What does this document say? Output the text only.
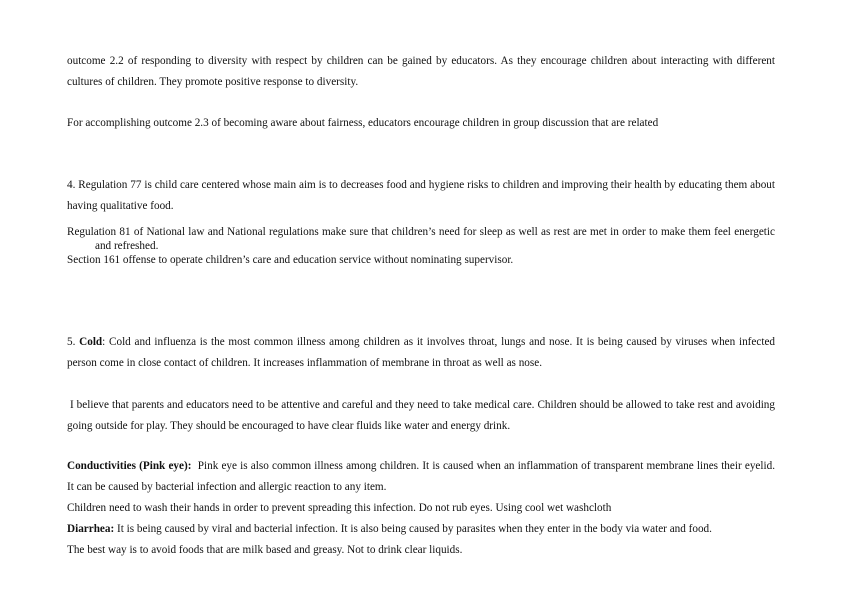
outcome 2.2 of responding to diversity with respect by children can be gained by educators. As they encourage children about interacting with different cultures of children. They promote positive response to diversity.

For accomplishing outcome 2.3 of becoming aware about fairness, educators encourage children in group discussion that are related

4. Regulation 77 is child care centered whose main aim is to decreases food and hygiene risks to children and improving their health by educating them about having qualitative food.

Regulation 81 of National law and National regulations make sure that children’s need for sleep as well as rest are met in order to make them feel energetic and refreshed.

Section 161 offense to operate children’s care and education service without nominating supervisor.

5. Cold: Cold and influenza is the most common illness among children as it involves throat, lungs and nose. It is being caused by viruses when infected person come in close contact of children. It increases inflammation of membrane in throat as well as nose.

I believe that parents and educators need to be attentive and careful and they need to take medical care. Children should be allowed to take rest and avoiding going outside for play. They should be encouraged to have clear fluids like water and energy drink.

Conductivities (Pink eye):  Pink eye is also common illness among children. It is caused when an inflammation of transparent membrane lines their eyelid. It can be caused by bacterial infection and allergic reaction to any item.

Children need to wash their hands in order to prevent spreading this infection. Do not rub eyes. Using cool wet washcloth

Diarrhea: It is being caused by viral and bacterial infection. It is also being caused by parasites when they enter in the body via water and food.

The best way is to avoid foods that are milk based and greasy. Not to drink clear liquids.
